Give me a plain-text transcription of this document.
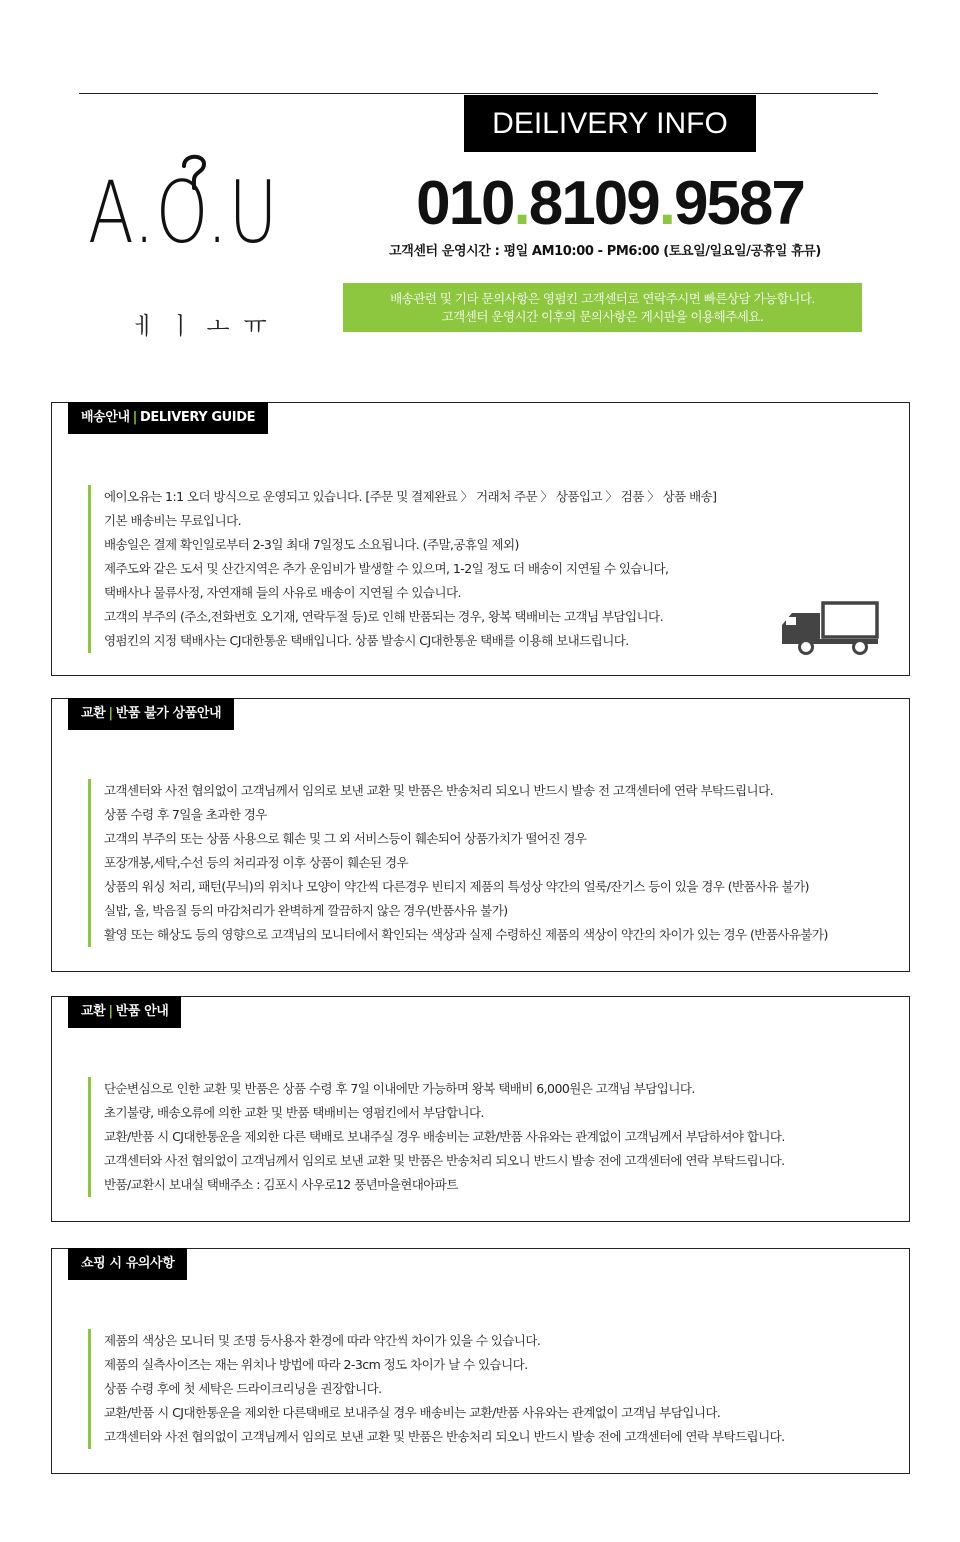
A.O.U
ㅔㅣㅗㅠ
DEILIVERY INFO
010.8109.9587
고객센터 운영시간 : 평일 AM10:00 - PM6:00 (토요일/일요일/공휴일 휴뮤)
배송관련 및 기타 문의사항은 영펌킨 고객센터로 연락주시면 빠른상담 가능합니다.
고객센터 운영시간 이후의 문의사항은 게시판을 이용해주세요.
배송안내 | DELIVERY GUIDE
에이오유는 1:1 오더 방식으로 운영되고 있습니다. [주문 및 결제완료 〉 거래처 주문 〉 상품입고 〉 검품 〉 상품 배송]
기본 배송비는 무료입니다.
배송일은 결제 확인일로부터 2-3일 최대 7일정도 소요됩니다. (주말,공휴일 제외)
제주도와 같은 도서 및 산간지역은 추가 운임비가 발생할 수 있으며, 1-2일 정도 더 배송이 지연될 수 있습니다,
택배사나 물류사정, 자연재해 들의 사유로 배송이 지연될 수 있습니다.
고객의 부주의 (주소,전화번호 오기재, 연락두절 등)로 인해 반품되는 경우, 왕복 택배비는 고객님 부담입니다.
영펌킨의 지정 택배사는 CJ대한통운 택배입니다. 상품 발송시 CJ대한통운 택배를 이용해 보내드립니다.
교환 | 반품 불가 상품안내
고객센터와 사전 협의없이 고객님께서 임의로 보낸 교환 및 반품은 반송처리 되오니 반드시 발송 전 고객센터에 연락 부탁드립니다.
상품 수령 후 7일을 초과한 경우
고객의 부주의 또는 상품 사용으로 훼손 및 그 외 서비스등이 훼손되어 상품가치가 떨어진 경우
포장개봉,세탁,수선 등의 처리과정 이후 상품이 훼손된 경우
상품의 워싱 처리, 패턴(무늬)의 위치나 모양이 약간씩 다른경우 빈티지 제품의 특성상 약간의 얼룩/잔기스 등이 있을 경우 (반품사유 불가)
실밥, 올, 박음질 등의 마감처리가 완벽하게 깔끔하지 않은 경우(반품사유 불가)
활영 또는 해상도 등의 영향으로 고객님의 모니터에서 확인되는 색상과 실제 수령하신 제품의 색상이 약간의 차이가 있는 경우 (반품사유불가)
교환 | 반품 안내
단순변심으로 인한 교환 및 반품은 상품 수령 후 7일 이내에만 가능하며 왕복 택배비 6,000원은 고객님 부담입니다.
초기불량, 배송오류에 의한 교환 및 반품 택배비는 영펌킨에서 부담합니다.
교환/반품 시 CJ대한통운을 제외한 다른 택배로 보내주실 경우 배송비는 교환/반품 사유와는 관계없이 고객님께서 부담하셔야 합니다.
고객센터와 사전 협의없이 고객님께서 임의로 보낸 교환 및 반품은 반송처리 되오니 반드시 발송 전에 고객센터에 연락 부탁드립니다.
반품/교환시 보내실 택배주소 : 김포시 사우로12 풍년마을현대아파트
쇼핑 시 유의사항
제품의 색상은 모니터 및 조명 등사용자 환경에 따라 약간씩 차이가 있을 수 있습니다.
제품의 실측사이즈는 재는 위치나 방법에 따라 2-3cm 정도 차이가 날 수 있습니다.
상품 수령 후에 첫 세탁은 드라이크리닝을 권장합니다.
교환/반품 시 CJ대한통운을 제외한 다른택배로 보내주실 경우 배송비는 교환/반품 사유와는 관계없이 고객님 부담입니다.
고객센터와 사전 협의없이 고객님께서 임의로 보낸 교환 및 반품은 반송처리 되오니 반드시 발송 전에 고객센터에 연락 부탁드립니다.
